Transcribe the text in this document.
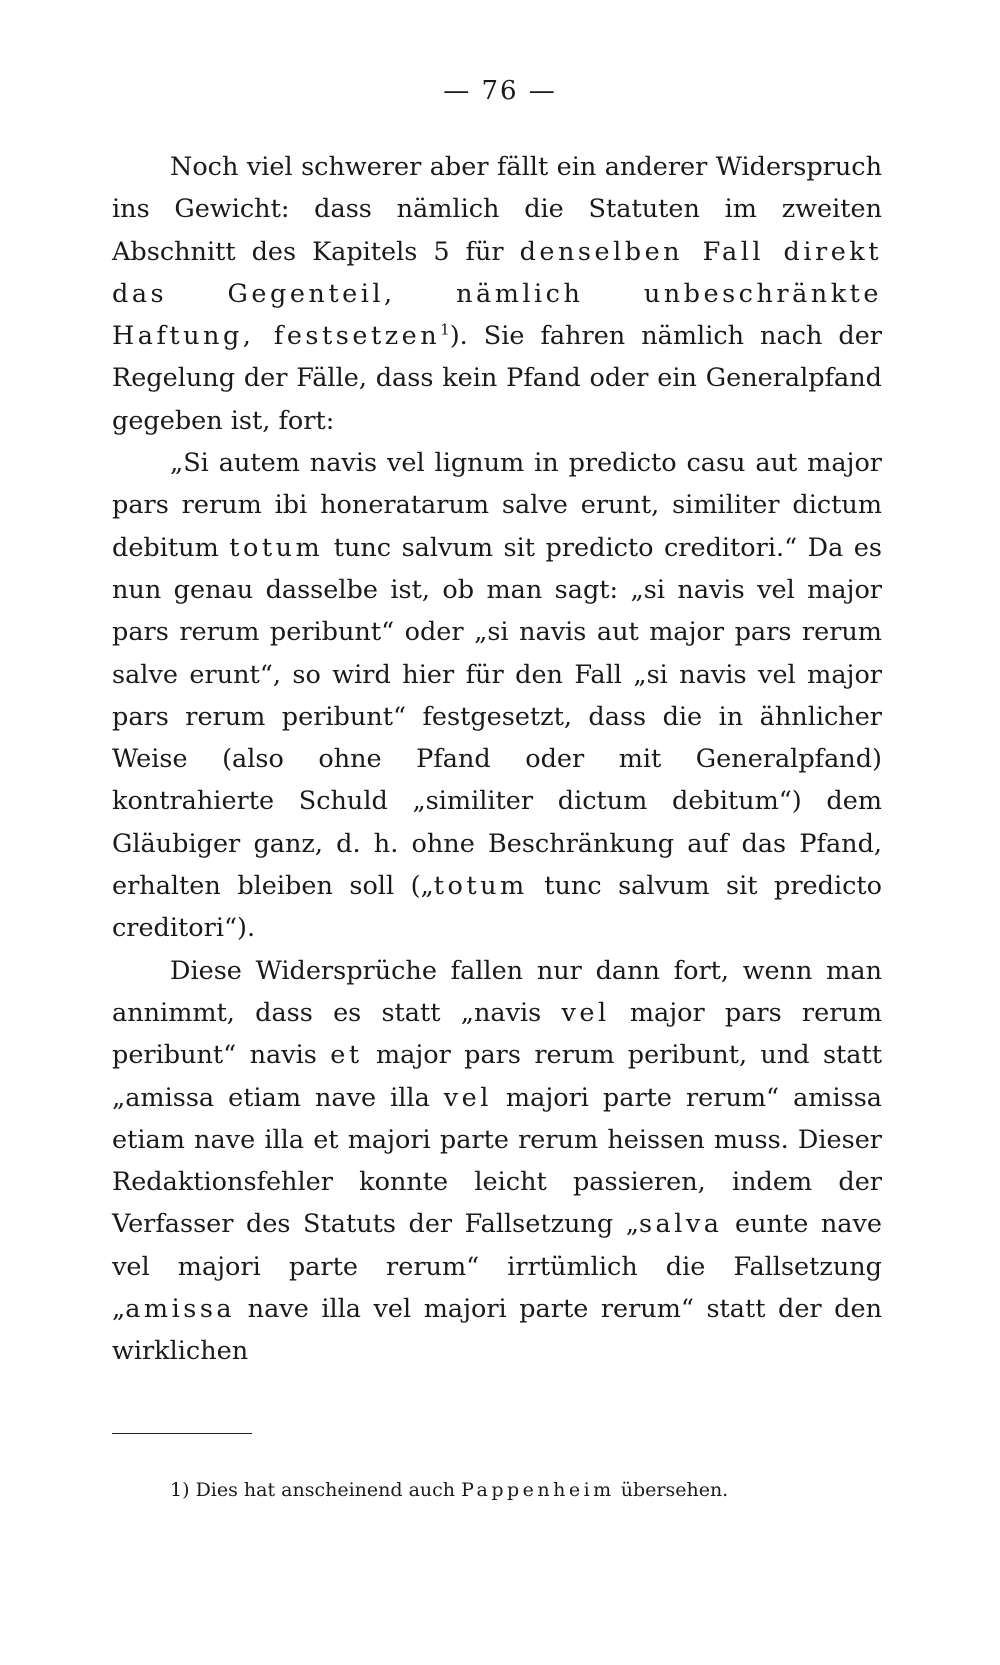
— 76 —

Noch viel schwerer aber fällt ein anderer Widerspruch ins Gewicht: dass nämlich die Statuten im zweiten Abschnitt des Kapitels 5 für denselben Fall direkt das Gegenteil, nämlich unbeschränkte Haftung, festsetzen$^1$). Sie fahren nämlich nach der Regelung der Fälle, dass kein Pfand oder ein Generalpfand gegeben ist, fort:

„Si autem navis vel lignum in predicto casu aut major pars rerum ibi honeratarum salve erunt, similiter dictum debitum totum tunc salvum sit predicto creditori.“ Da es nun genau dasselbe ist, ob man sagt: „si navis vel major pars rerum peribunt“ oder „si navis aut major pars rerum salve erunt“, so wird hier für den Fall „si navis vel major pars rerum peribunt“ festgesetzt, dass die in ähnlicher Weise (also ohne Pfand oder mit Generalpfand) kontrahierte Schuld „similiter dictum debitum“) dem Gläubiger ganz, d. h. ohne Beschränkung auf das Pfand, erhalten bleiben soll („totum tunc salvum sit predicto creditori“).

Diese Widersprüche fallen nur dann fort, wenn man annimmt, dass es statt „navis vel major pars rerum peribunt“ navis et major pars rerum peribunt, und statt „amissa etiam nave illa vel majori parte rerum“ amissa etiam nave illa et majori parte rerum heissen muss. Dieser Redaktionsfehler konnte leicht passieren, indem der Verfasser des Statuts der Fallsetzung „salva eunte nave vel majori parte rerum“ irrtümlich die Fallsetzung „amissa nave illa vel majori parte rerum“ statt der den wirklichen

1) Dies hat anscheinend auch Pappenheim übersehen.
